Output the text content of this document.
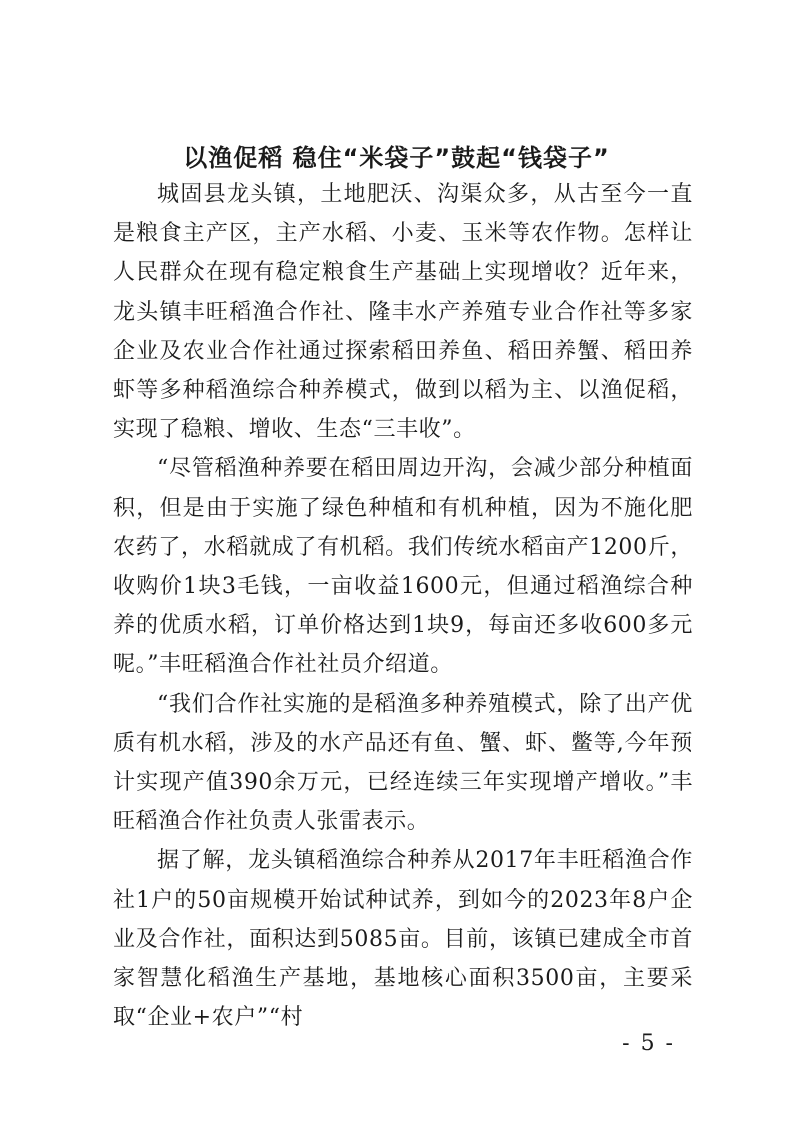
以渔促稻 稳住“米袋子”鼓起“钱袋子”

城固县龙头镇，土地肥沃、沟渠众多，从古至今一直是粮食主产区，主产水稻、小麦、玉米等农作物。怎样让人民群众在现有稳定粮食生产基础上实现增收？近年来，龙头镇丰旺稻渔合作社、隆丰水产养殖专业合作社等多家企业及农业合作社通过探索稻田养鱼、稻田养蟹、稻田养虾等多种稻渔综合种养模式，做到以稻为主、以渔促稻，实现了稳粮、增收、生态“三丰收”。

“尽管稻渔种养要在稻田周边开沟，会减少部分种植面积，但是由于实施了绿色种植和有机种植，因为不施化肥农药了，水稻就成了有机稻。我们传统水稻亩产1200斤，收购价1块3毛钱，一亩收益1600元，但通过稻渔综合种养的优质水稻，订单价格达到1块9，每亩还多收600多元呢。”丰旺稻渔合作社社员介绍道。

“我们合作社实施的是稻渔多种养殖模式，除了出产优质有机水稻，涉及的水产品还有鱼、蟹、虾、鳖等,今年预计实现产值390余万元，已经连续三年实现增产增收。”丰旺稻渔合作社负责人张雷表示。

据了解，龙头镇稻渔综合种养从2017年丰旺稻渔合作社1户的50亩规模开始试种试养，到如今的2023年8户企业及合作社，面积达到5085亩。目前，该镇已建成全市首家智慧化稻渔生产基地，基地核心面积3500亩，主要采取“企业+农户”“村

- 5 -
